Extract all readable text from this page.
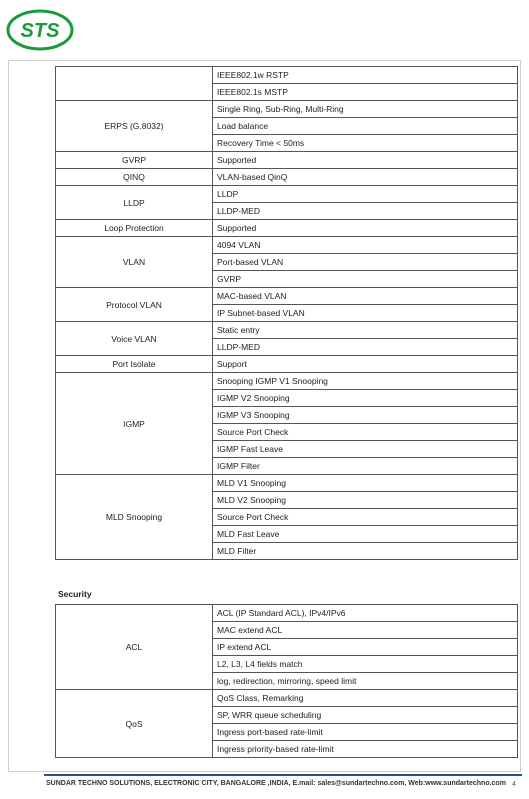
STS
	IEEE802.1w RSTP
	IEEE802.1s MSTP
ERPS (G.8032)	Single Ring, Sub-Ring, Multi-Ring
	Load balance
	Recovery Time < 50ms
GVRP	Supported
QINQ	VLAN-based QinQ
LLDP	LLDP
	LLDP-MED
Loop Protection	Supported
VLAN	4094 VLAN
	Port-based VLAN
	GVRP
Protocol VLAN	MAC-based VLAN
	IP Subnet-based VLAN
Voice VLAN	Static entry
	LLDP-MED
Port Isolate	Support
IGMP	Snooping IGMP V1 Snooping
	IGMP V2 Snooping
	IGMP V3 Snooping
	Source Port Check
	IGMP Fast Leave
	IGMP Filter
MLD Snooping	MLD V1 Snooping
	MLD V2 Snooping
	Source Port Check
	MLD Fast Leave
	MLD Filter
Security
ACL	ACL (IP Standard ACL), IPv4/IPv6
	MAC extend ACL
	IP extend ACL
	L2, L3, L4 fields match
	log, redirection, mirroring, speed limit
QoS	QoS Class, Remarking
	SP, WRR queue scheduling
	Ingress port-based rate-limit
	Ingress priority-based rate-limit
SUNDAR TECHNO SOLUTIONS, ELECTRONIC CITY, BANGALORE ,INDIA, E.mail: sales@sundartechno.com, Web:www.sundartechno.com 4
